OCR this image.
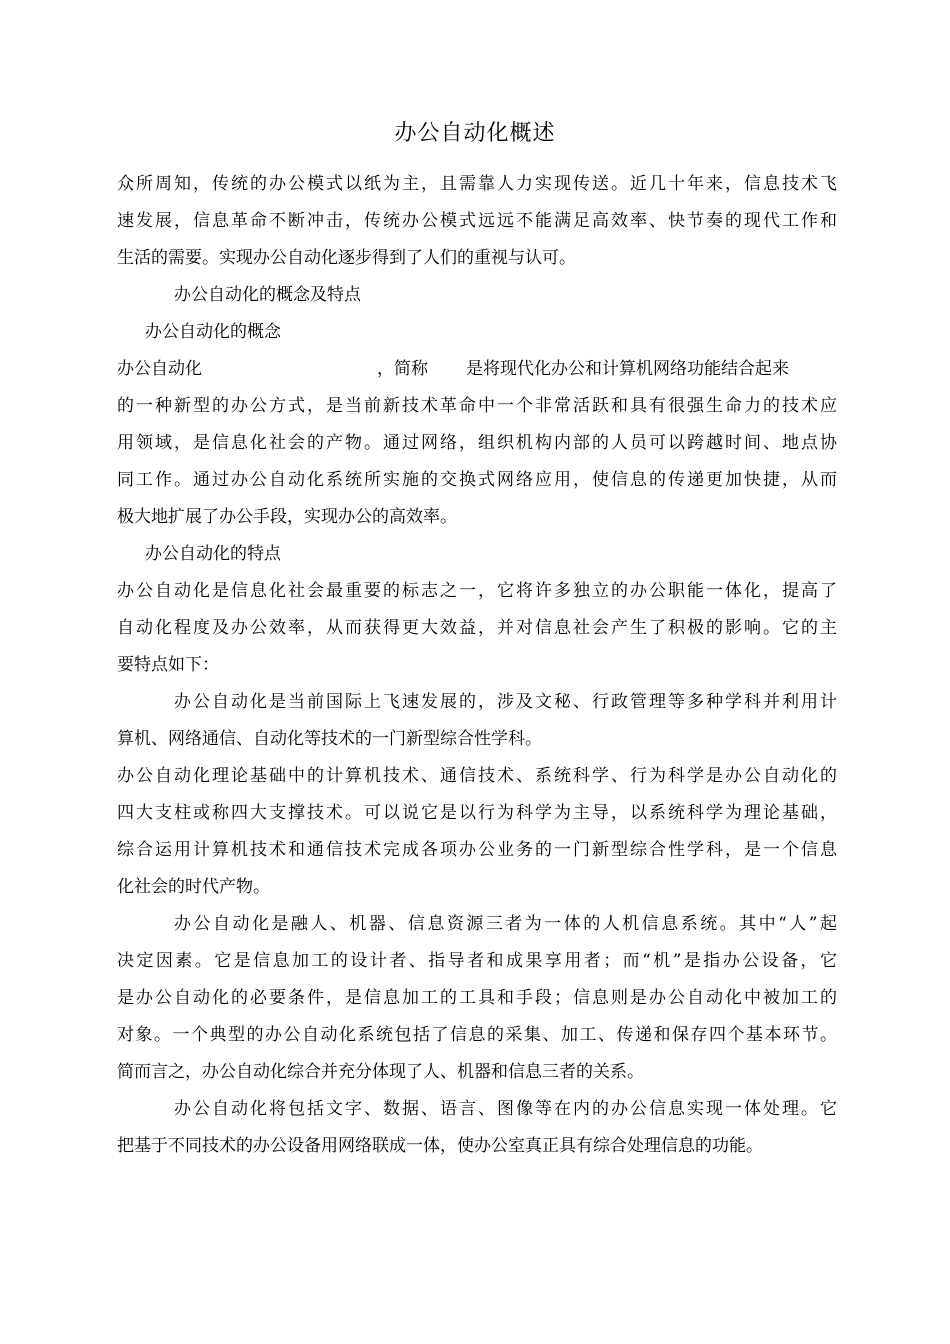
办公自动化概述
众所周知，传统的办公模式以纸为主，且需靠人力实现传送。近几十年来，信息技术飞
速发展，信息革命不断冲击，传统办公模式远远不能满足高效率、快节奏的现代工作和
生活的需要。实现办公自动化逐步得到了人们的重视与认可。
办公自动化的概念及特点
办公自动化的概念
办公自动化	，简称 是将现代化办公和计算机网络功能结合起来
的一种新型的办公方式，是当前新技术革命中一个非常活跃和具有很强生命力的技术应
用领域，是信息化社会的产物。通过网络，组织机构内部的人员可以跨越时间、地点协
同工作。通过办公自动化系统所实施的交换式网络应用，使信息的传递更加快捷，从而
极大地扩展了办公手段，实现办公的高效率。
办公自动化的特点
办公自动化是信息化社会最重要的标志之一，它将许多独立的办公职能一体化，提高了
自动化程度及办公效率，从而获得更大效益，并对信息社会产生了积极的影响。它的主
要特点如下：
办公自动化是当前国际上飞速发展的，涉及文秘、行政管理等多种学科并利用计
算机、网络通信、自动化等技术的一门新型综合性学科。
办公自动化理论基础中的计算机技术、通信技术、系统科学、行为科学是办公自动化的
四大支柱或称四大支撑技术。可以说它是以行为科学为主导，以系统科学为理论基础，
综合运用计算机技术和通信技术完成各项办公业务的一门新型综合性学科，是一个信息
化社会的时代产物。
办公自动化是融人、机器、信息资源三者为一体的人机信息系统。其中“人”起
决定因素。它是信息加工的设计者、指导者和成果享用者；而“机”是指办公设备，它
是办公自动化的必要条件，是信息加工的工具和手段；信息则是办公自动化中被加工的
对象。一个典型的办公自动化系统包括了信息的采集、加工、传递和保存四个基本环节。
简而言之，办公自动化综合并充分体现了人、机器和信息三者的关系。
办公自动化将包括文字、数据、语言、图像等在内的办公信息实现一体处理。它
把基于不同技术的办公设备用网络联成一体，使办公室真正具有综合处理信息的功能。
